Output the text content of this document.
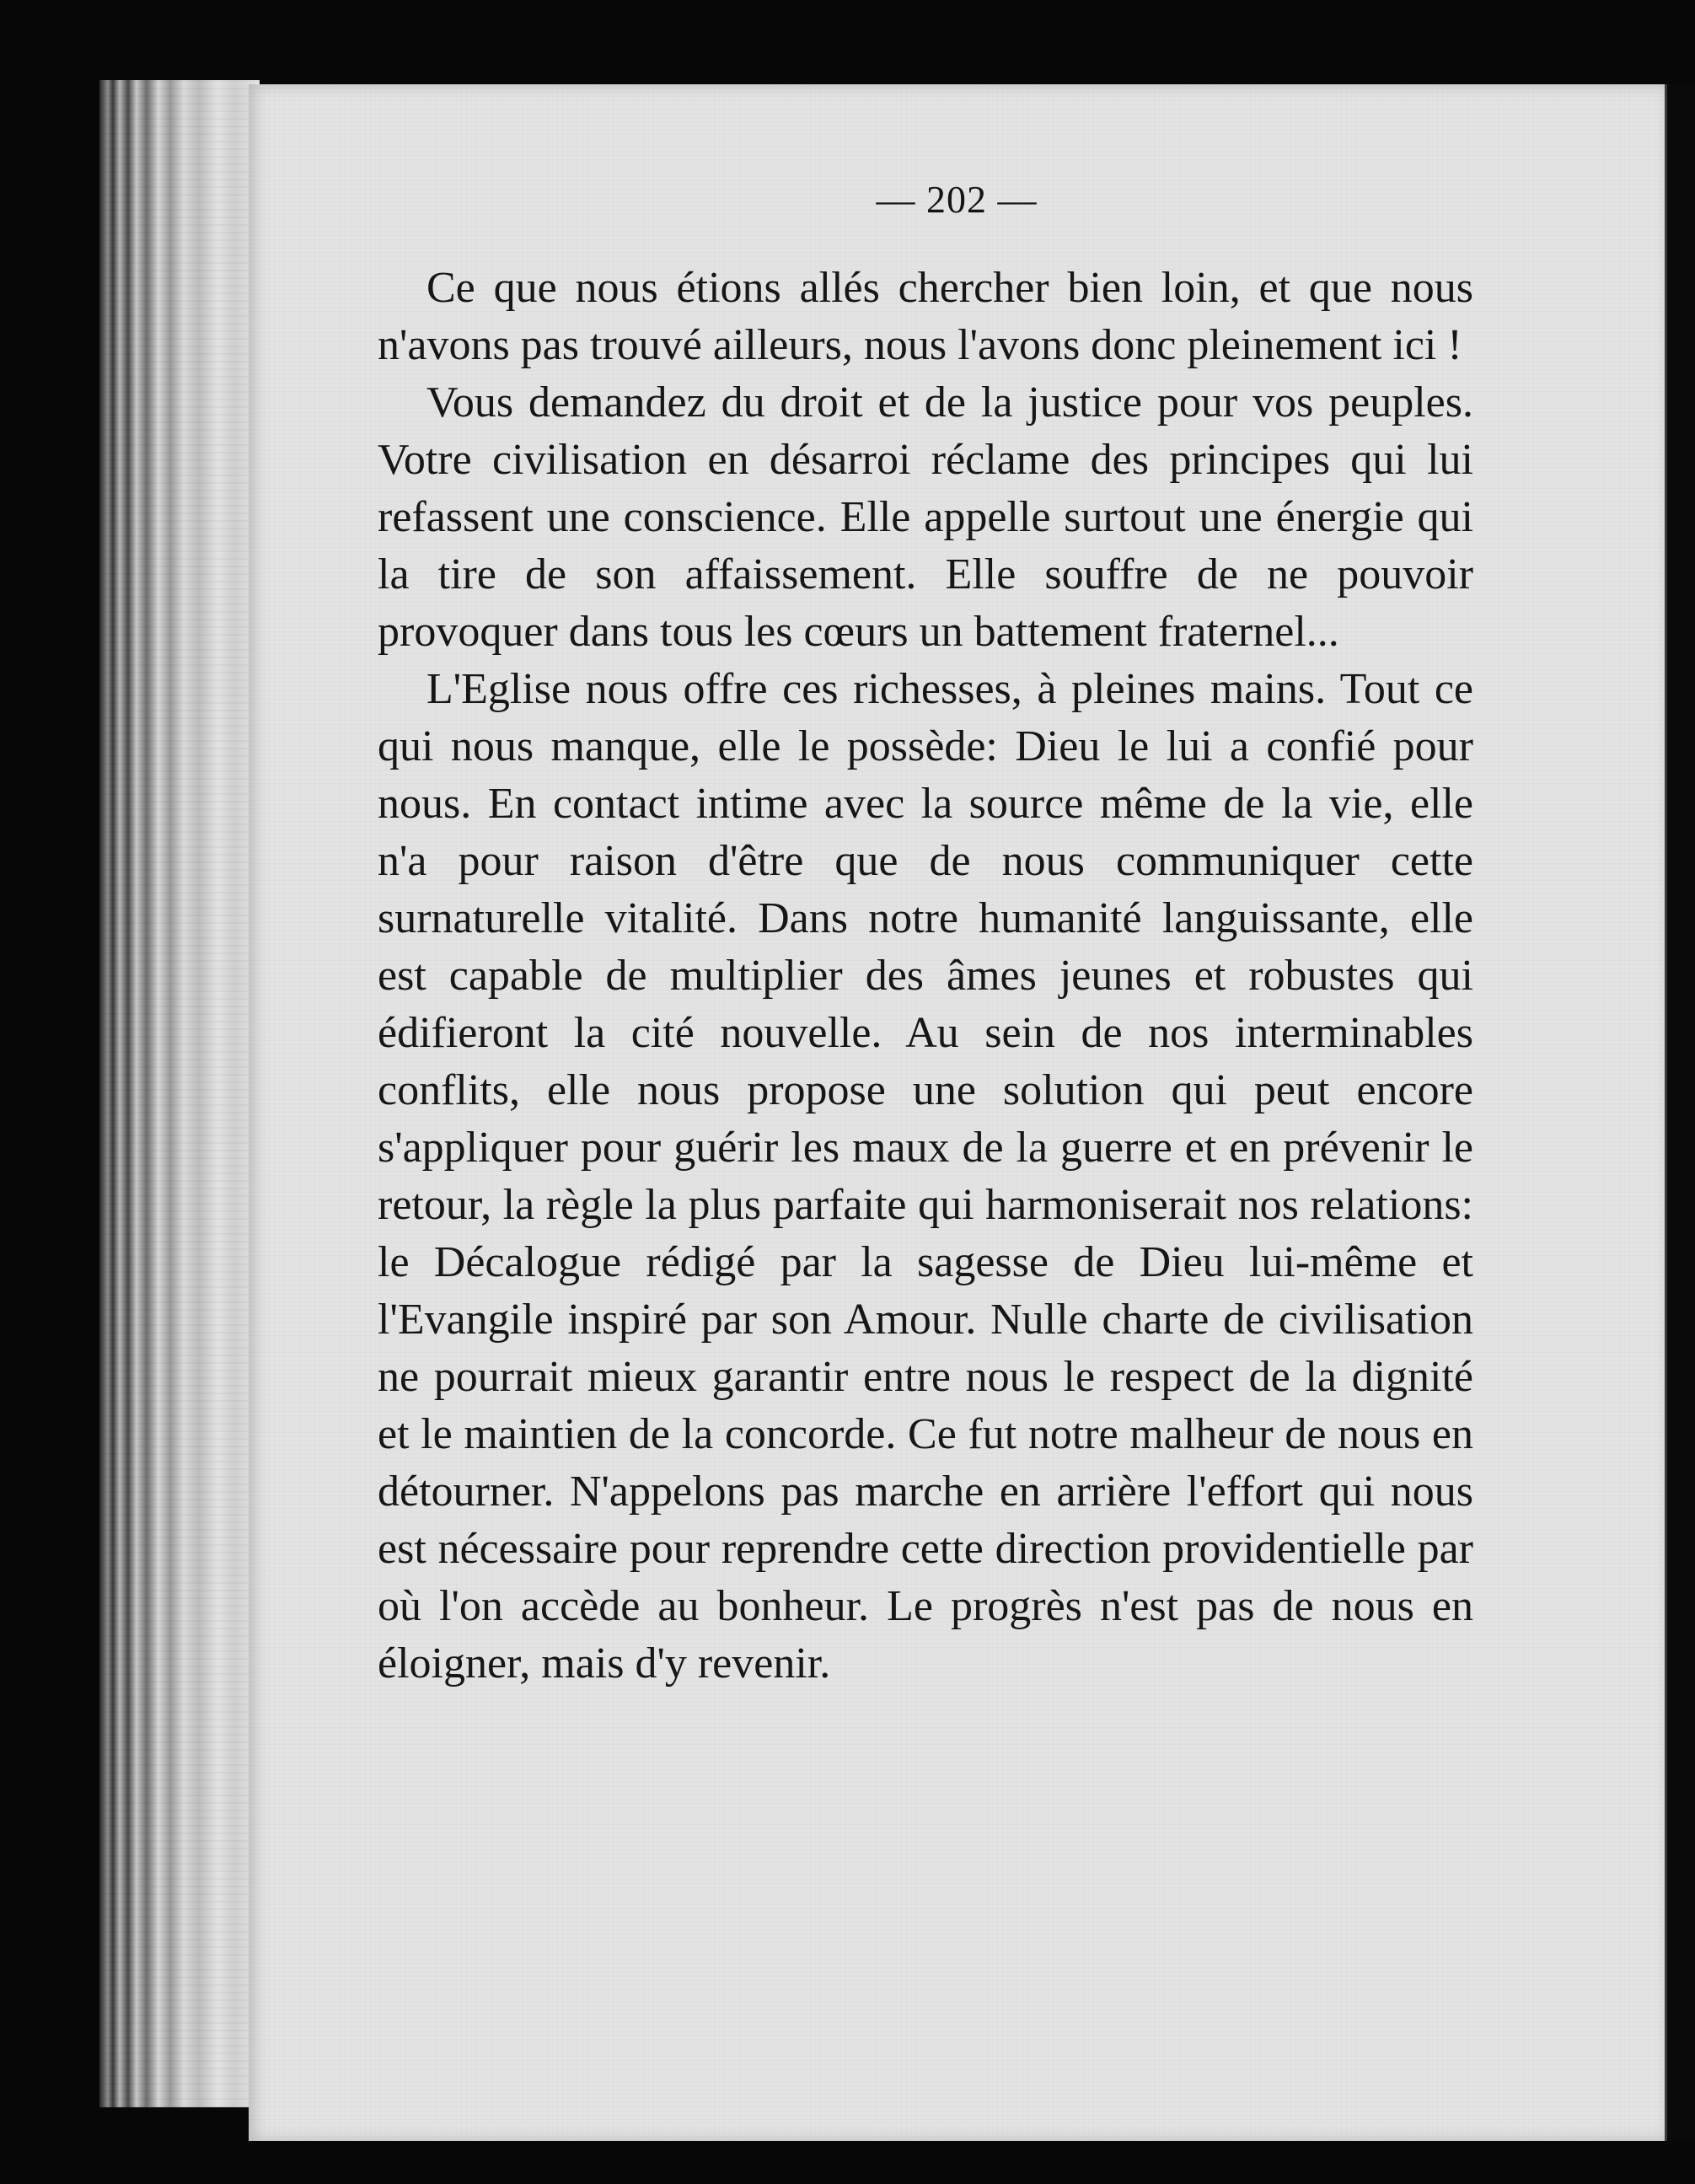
— 202 —

Ce que nous étions allés chercher bien loin, et que nous n'avons pas trouvé ailleurs, nous l'avons donc pleinement ici !

Vous demandez du droit et de la justice pour vos peuples. Votre civilisation en désarroi réclame des principes qui lui refassent une conscience. Elle appelle surtout une énergie qui la tire de son affaissement. Elle souffre de ne pouvoir provoquer dans tous les cœurs un battement fraternel...

L'Eglise nous offre ces richesses, à pleines mains. Tout ce qui nous manque, elle le possède: Dieu le lui a confié pour nous. En contact intime avec la source même de la vie, elle n'a pour raison d'être que de nous communiquer cette surnaturelle vitalité. Dans notre humanité languissante, elle est capable de multiplier des âmes jeunes et robustes qui édifieront la cité nouvelle. Au sein de nos interminables conflits, elle nous propose une solution qui peut encore s'appliquer pour guérir les maux de la guerre et en prévenir le retour, la règle la plus parfaite qui harmoniserait nos relations: le Décalogue rédigé par la sagesse de Dieu lui-même et l'Evangile inspiré par son Amour. Nulle charte de civilisation ne pourrait mieux garantir entre nous le respect de la dignité et le maintien de la concorde. Ce fut notre malheur de nous en détourner. N'appelons pas marche en arrière l'effort qui nous est nécessaire pour reprendre cette direction providentielle par où l'on accède au bonheur. Le progrès n'est pas de nous en éloigner, mais d'y revenir.
